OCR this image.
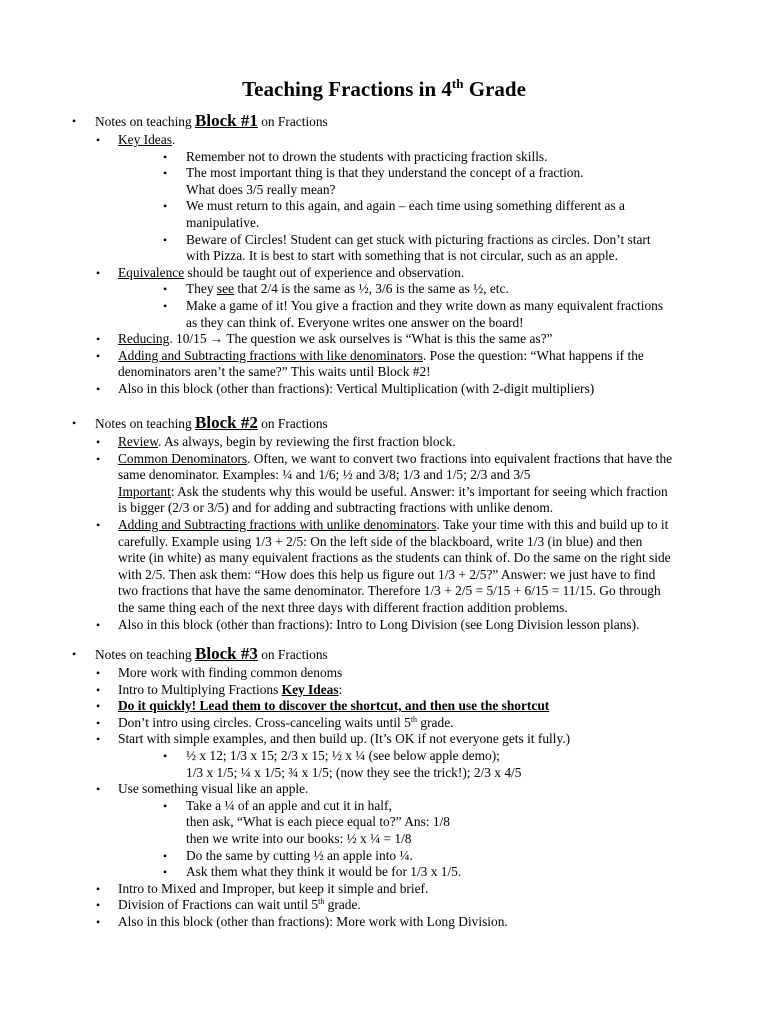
Teaching Fractions in 4th Grade
• Notes on teaching Block #1 on Fractions
• Key Ideas.
• Remember not to drown the students with practicing fraction skills.
• The most important thing is that they understand the concept of a fraction.
What does 3/5 really mean?
• We must return to this again, and again – each time using something different as a
manipulative.
• Beware of Circles! Student can get stuck with picturing fractions as circles. Don’t start
with Pizza. It is best to start with something that is not circular, such as an apple.
• Equivalence should be taught out of experience and observation.
• They see that 2/4 is the same as ½, 3/6 is the same as ½, etc.
• Make a game of it! You give a fraction and they write down as many equivalent fractions
as they can think of. Everyone writes one answer on the board!
• Reducing. 10/15 → The question we ask ourselves is “What is this the same as?”
• Adding and Subtracting fractions with like denominators. Pose the question: “What happens if the
denominators aren’t the same?” This waits until Block #2!
• Also in this block (other than fractions): Vertical Multiplication (with 2-digit multipliers)
• Notes on teaching Block #2 on Fractions
• Review. As always, begin by reviewing the first fraction block.
• Common Denominators. Often, we want to convert two fractions into equivalent fractions that have the
same denominator. Examples: ¼ and 1/6; ½ and 3/8; 1/3 and 1/5; 2/3 and 3/5
Important: Ask the students why this would be useful. Answer: it’s important for seeing which fraction
is bigger (2/3 or 3/5) and for adding and subtracting fractions with unlike denom.
• Adding and Subtracting fractions with unlike denominators. Take your time with this and build up to it
carefully. Example using 1/3 + 2/5: On the left side of the blackboard, write 1/3 (in blue) and then
write (in white) as many equivalent fractions as the students can think of. Do the same on the right side
with 2/5. Then ask them: “How does this help us figure out 1/3 + 2/5?” Answer: we just have to find
two fractions that have the same denominator. Therefore 1/3 + 2/5 = 5/15 + 6/15 = 11/15. Go through
the same thing each of the next three days with different fraction addition problems.
• Also in this block (other than fractions): Intro to Long Division (see Long Division lesson plans).
• Notes on teaching Block #3 on Fractions
• More work with finding common denoms
• Intro to Multiplying Fractions Key Ideas:
• Do it quickly! Lead them to discover the shortcut, and then use the shortcut
• Don’t intro using circles. Cross-canceling waits until 5th grade.
• Start with simple examples, and then build up. (It’s OK if not everyone gets it fully.)
• ½ x 12; 1/3 x 15; 2/3 x 15; ½ x ¼ (see below apple demo);
1/3 x 1/5; ¼ x 1/5; ¾ x 1/5; (now they see the trick!); 2/3 x 4/5
• Use something visual like an apple.
• Take a ¼ of an apple and cut it in half,
then ask, “What is each piece equal to?” Ans: 1/8
then we write into our books: ½ x ¼ = 1/8
• Do the same by cutting ½ an apple into ¼.
• Ask them what they think it would be for 1/3 x 1/5.
• Intro to Mixed and Improper, but keep it simple and brief.
• Division of Fractions can wait until 5th grade.
• Also in this block (other than fractions): More work with Long Division.
